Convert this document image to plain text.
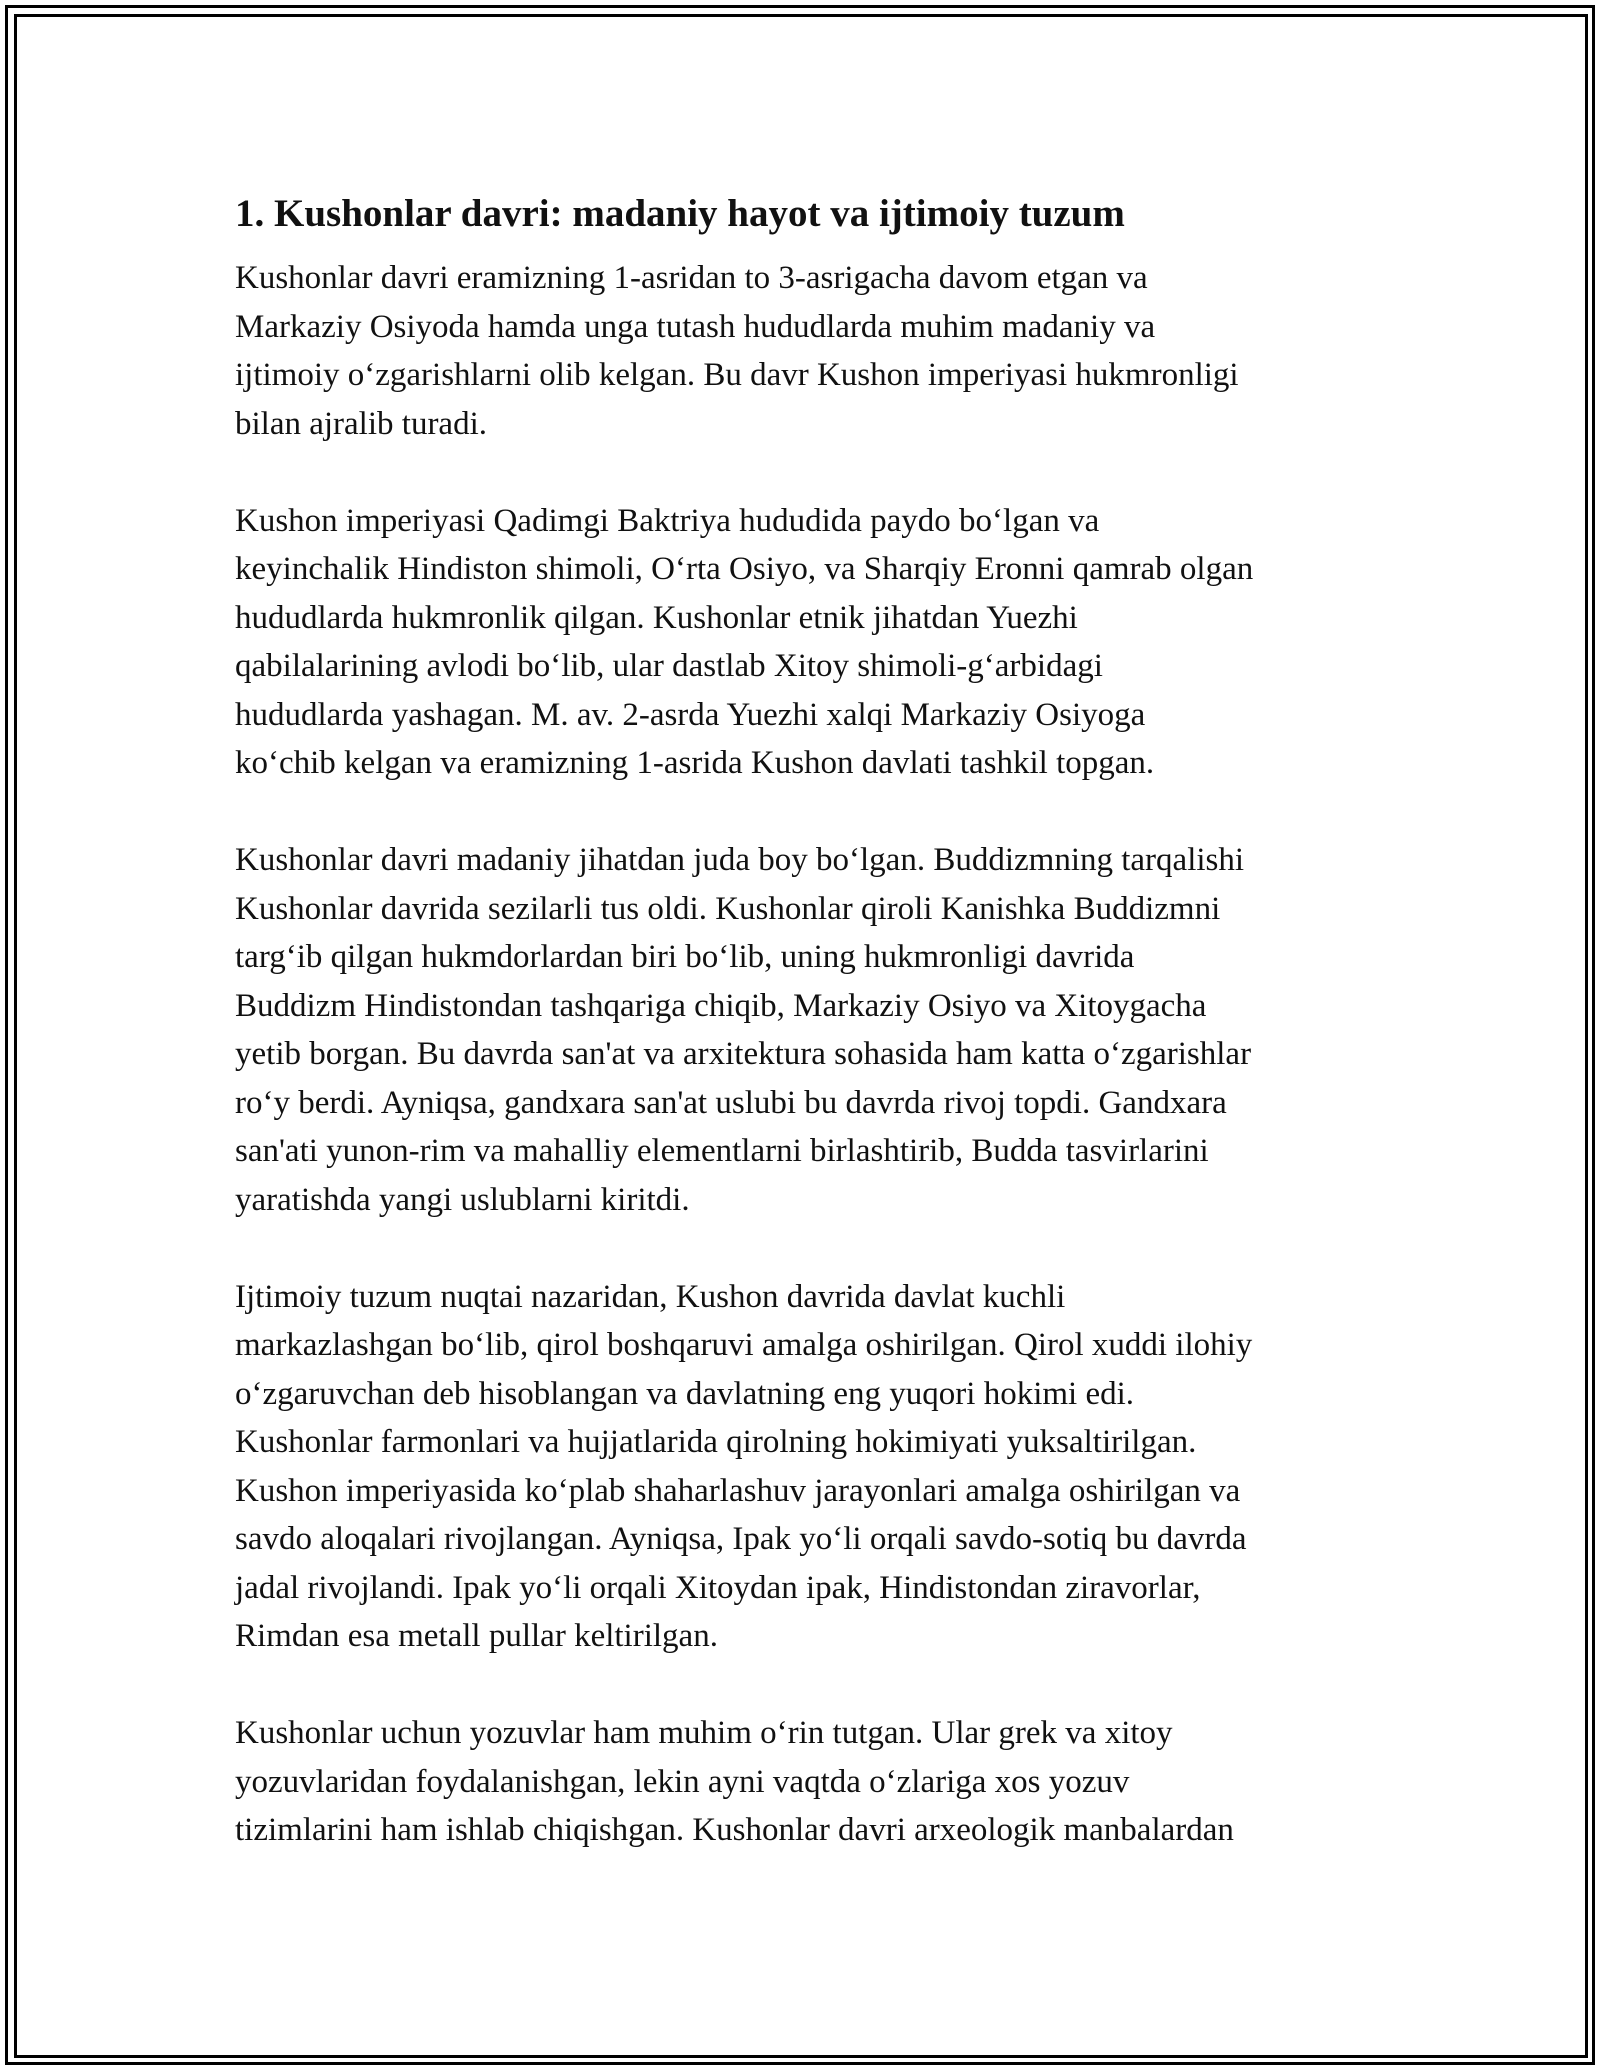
1. Kushonlar davri: madaniy hayot va ijtimoiy tuzum

Kushonlar davri eramizning 1-asridan to 3-asrigacha davom etgan va
Markaziy Osiyoda hamda unga tutash hududlarda muhim madaniy va
ijtimoiy o‘zgarishlarni olib kelgan. Bu davr Kushon imperiyasi hukmronligi
bilan ajralib turadi.

Kushon imperiyasi Qadimgi Baktriya hududida paydo bo‘lgan va
keyinchalik Hindiston shimoli, O‘rta Osiyo, va Sharqiy Eronni qamrab olgan
hududlarda hukmronlik qilgan. Kushonlar etnik jihatdan Yuezhi
qabilalarining avlodi bo‘lib, ular dastlab Xitoy shimoli-g‘arbidagi
hududlarda yashagan. M. av. 2-asrda Yuezhi xalqi Markaziy Osiyoga
ko‘chib kelgan va eramizning 1-asrida Kushon davlati tashkil topgan.

Kushonlar davri madaniy jihatdan juda boy bo‘lgan. Buddizmning tarqalishi
Kushonlar davrida sezilarli tus oldi. Kushonlar qiroli Kanishka Buddizmni
targ‘ib qilgan hukmdorlardan biri bo‘lib, uning hukmronligi davrida
Buddizm Hindistondan tashqariga chiqib, Markaziy Osiyo va Xitoygacha
yetib borgan. Bu davrda san'at va arxitektura sohasida ham katta o‘zgarishlar
ro‘y berdi. Ayniqsa, gandxara san'at uslubi bu davrda rivoj topdi. Gandxara
san'ati yunon-rim va mahalliy elementlarni birlashtirib, Budda tasvirlarini
yaratishda yangi uslublarni kiritdi.

Ijtimoiy tuzum nuqtai nazaridan, Kushon davrida davlat kuchli
markazlashgan bo‘lib, qirol boshqaruvi amalga oshirilgan. Qirol xuddi ilohiy
o‘zgaruvchan deb hisoblangan va davlatning eng yuqori hokimi edi.
Kushonlar farmonlari va hujjatlarida qirolning hokimiyati yuksaltirilgan.
Kushon imperiyasida ko‘plab shaharlashuv jarayonlari amalga oshirilgan va
savdo aloqalari rivojlangan. Ayniqsa, Ipak yo‘li orqali savdo-sotiq bu davrda
jadal rivojlandi. Ipak yo‘li orqali Xitoydan ipak, Hindistondan ziravorlar,
Rimdan esa metall pullar keltirilgan.

Kushonlar uchun yozuvlar ham muhim o‘rin tutgan. Ular grek va xitoy
yozuvlaridan foydalanishgan, lekin ayni vaqtda o‘zlariga xos yozuv
tizimlarini ham ishlab chiqishgan. Kushonlar davri arxeologik manbalardan
